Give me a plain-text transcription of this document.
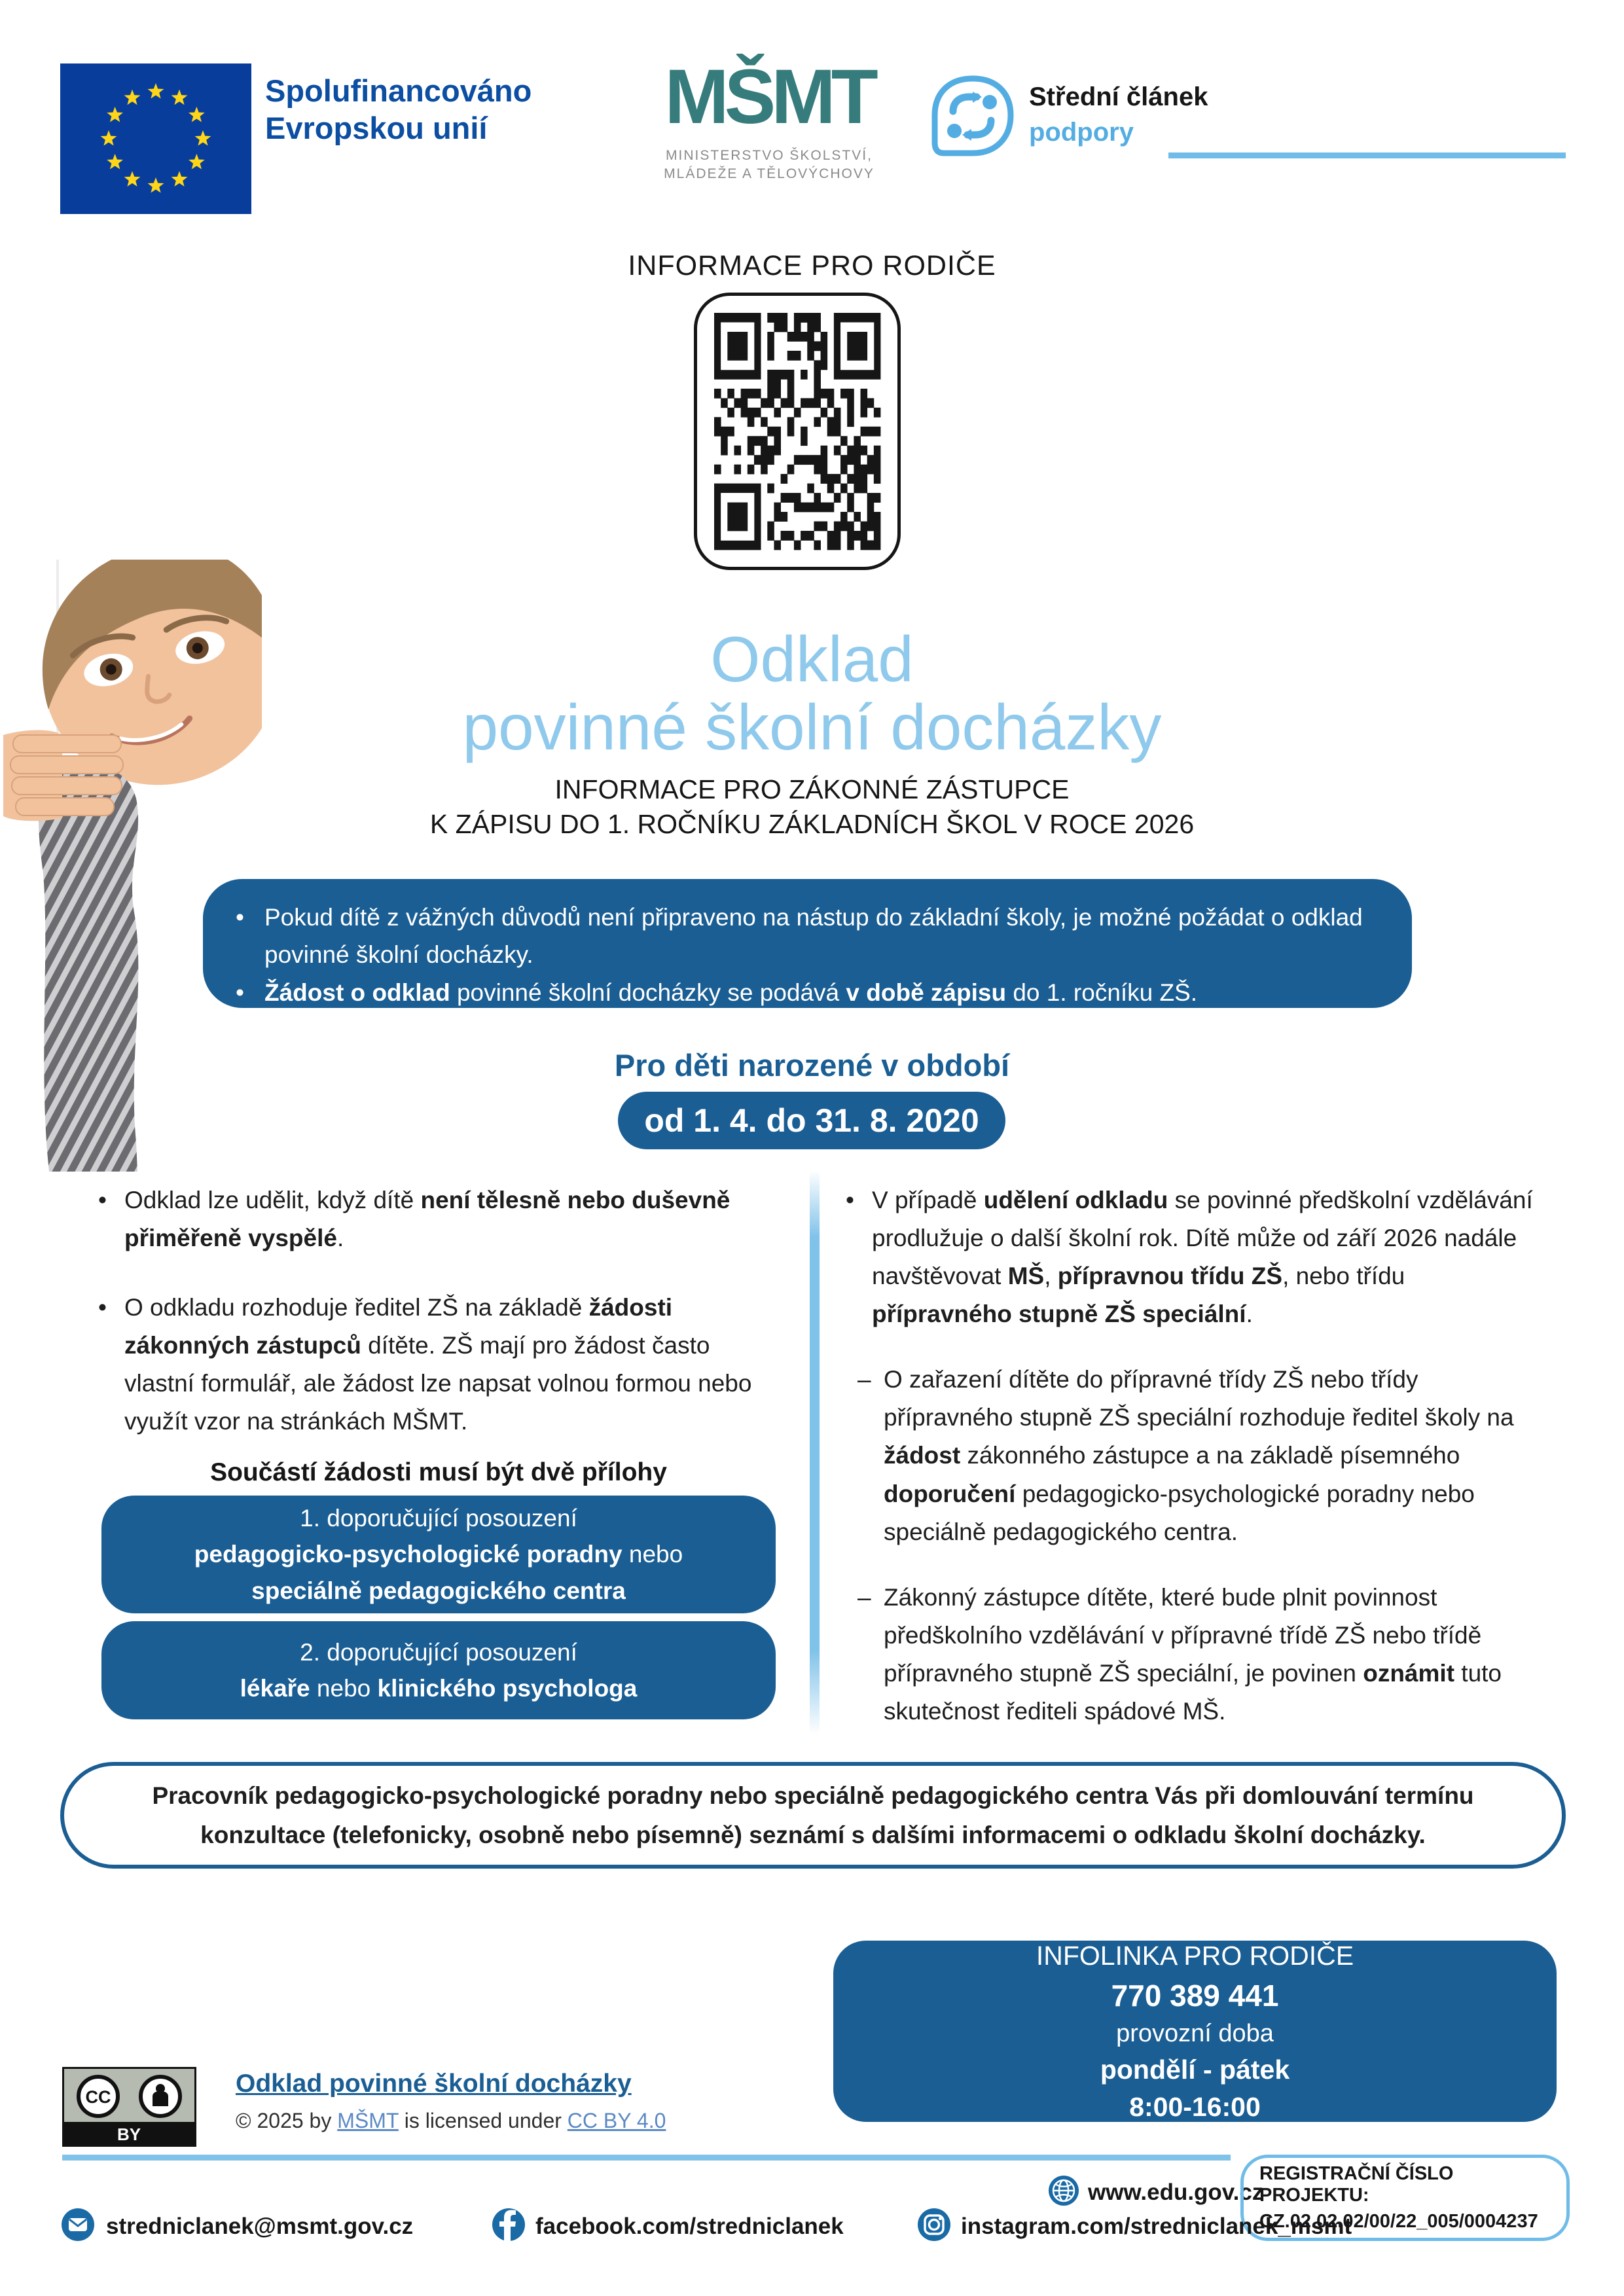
Spolufinancováno
Evropskou unií	MŠMT
MINISTERSTVO ŠKOLSTVÍ,
MLÁDEŽE A TĚLOVÝCHOVY
Střední článek
podpory
INFORMACE PRO RODIČE
Odklad
povinné školní docházky
INFORMACE PRO ZÁKONNÉ ZÁSTUPCE
K ZÁPISU DO 1. ROČNÍKU ZÁKLADNÍCH ŠKOL V ROCE 2026
• Pokud dítě z vážných důvodů není připraveno na nástup do základní školy, je možné požádat o odklad povinné školní docházky.
• Žádost o odklad povinné školní docházky se podává v době zápisu do 1. ročníku ZŠ.
Pro děti narozené v období
od 1. 4. do 31. 8. 2020
• Odklad lze udělit, když dítě není tělesně nebo duševně přiměřeně vyspělé.
• O odkladu rozhoduje ředitel ZŠ na základě žádosti zákonných zástupců dítěte. ZŠ mají pro žádost často vlastní formulář, ale žádost lze napsat volnou formou nebo využít vzor na stránkách MŠMT.
Součástí žádosti musí být dvě přílohy
1. doporučující posouzení
pedagogicko-psychologické poradny nebo
speciálně pedagogického centra
2. doporučující posouzení
lékaře nebo klinického psychologa
• V případě udělení odkladu se povinné předškolní vzdělávání prodlužuje o další školní rok. Dítě může od září 2026 nadále navštěvovat MŠ, přípravnou třídu ZŠ, nebo třídu přípravného stupně ZŠ speciální.
– O zařazení dítěte do přípravné třídy ZŠ nebo třídy přípravného stupně ZŠ speciální rozhoduje ředitel školy na žádost zákonného zástupce a na základě písemného doporučení pedagogicko-psychologické poradny nebo speciálně pedagogického centra.
– Zákonný zástupce dítěte, které bude plnit povinnost předškolního vzdělávání v přípravné třídě ZŠ nebo třídě přípravného stupně ZŠ speciální, je povinen oznámit tuto skutečnost řediteli spádové MŠ.
Pracovník pedagogicko-psychologické poradny nebo speciálně pedagogického centra Vás při domlouvání termínu konzultace (telefonicky, osobně nebo písemně) seznámí s dalšími informacemi o odkladu školní docházky.
INFOLINKA PRO RODIČE
770 389 441
provozní doba
pondělí - pátek
8:00-16:00
BY
CC	Odklad povinné školní docházky
© 2025 by MŠMT is licensed under CC BY 4.0
www.edu.gov.cz
REGISTRAČNÍ ČÍSLO PROJEKTU:
CZ.02.02.02/00/22_005/0004237
stredniclanek@msmt.gov.cz	facebook.com/stredniclanek	instagram.com/stredniclanek_msmt
